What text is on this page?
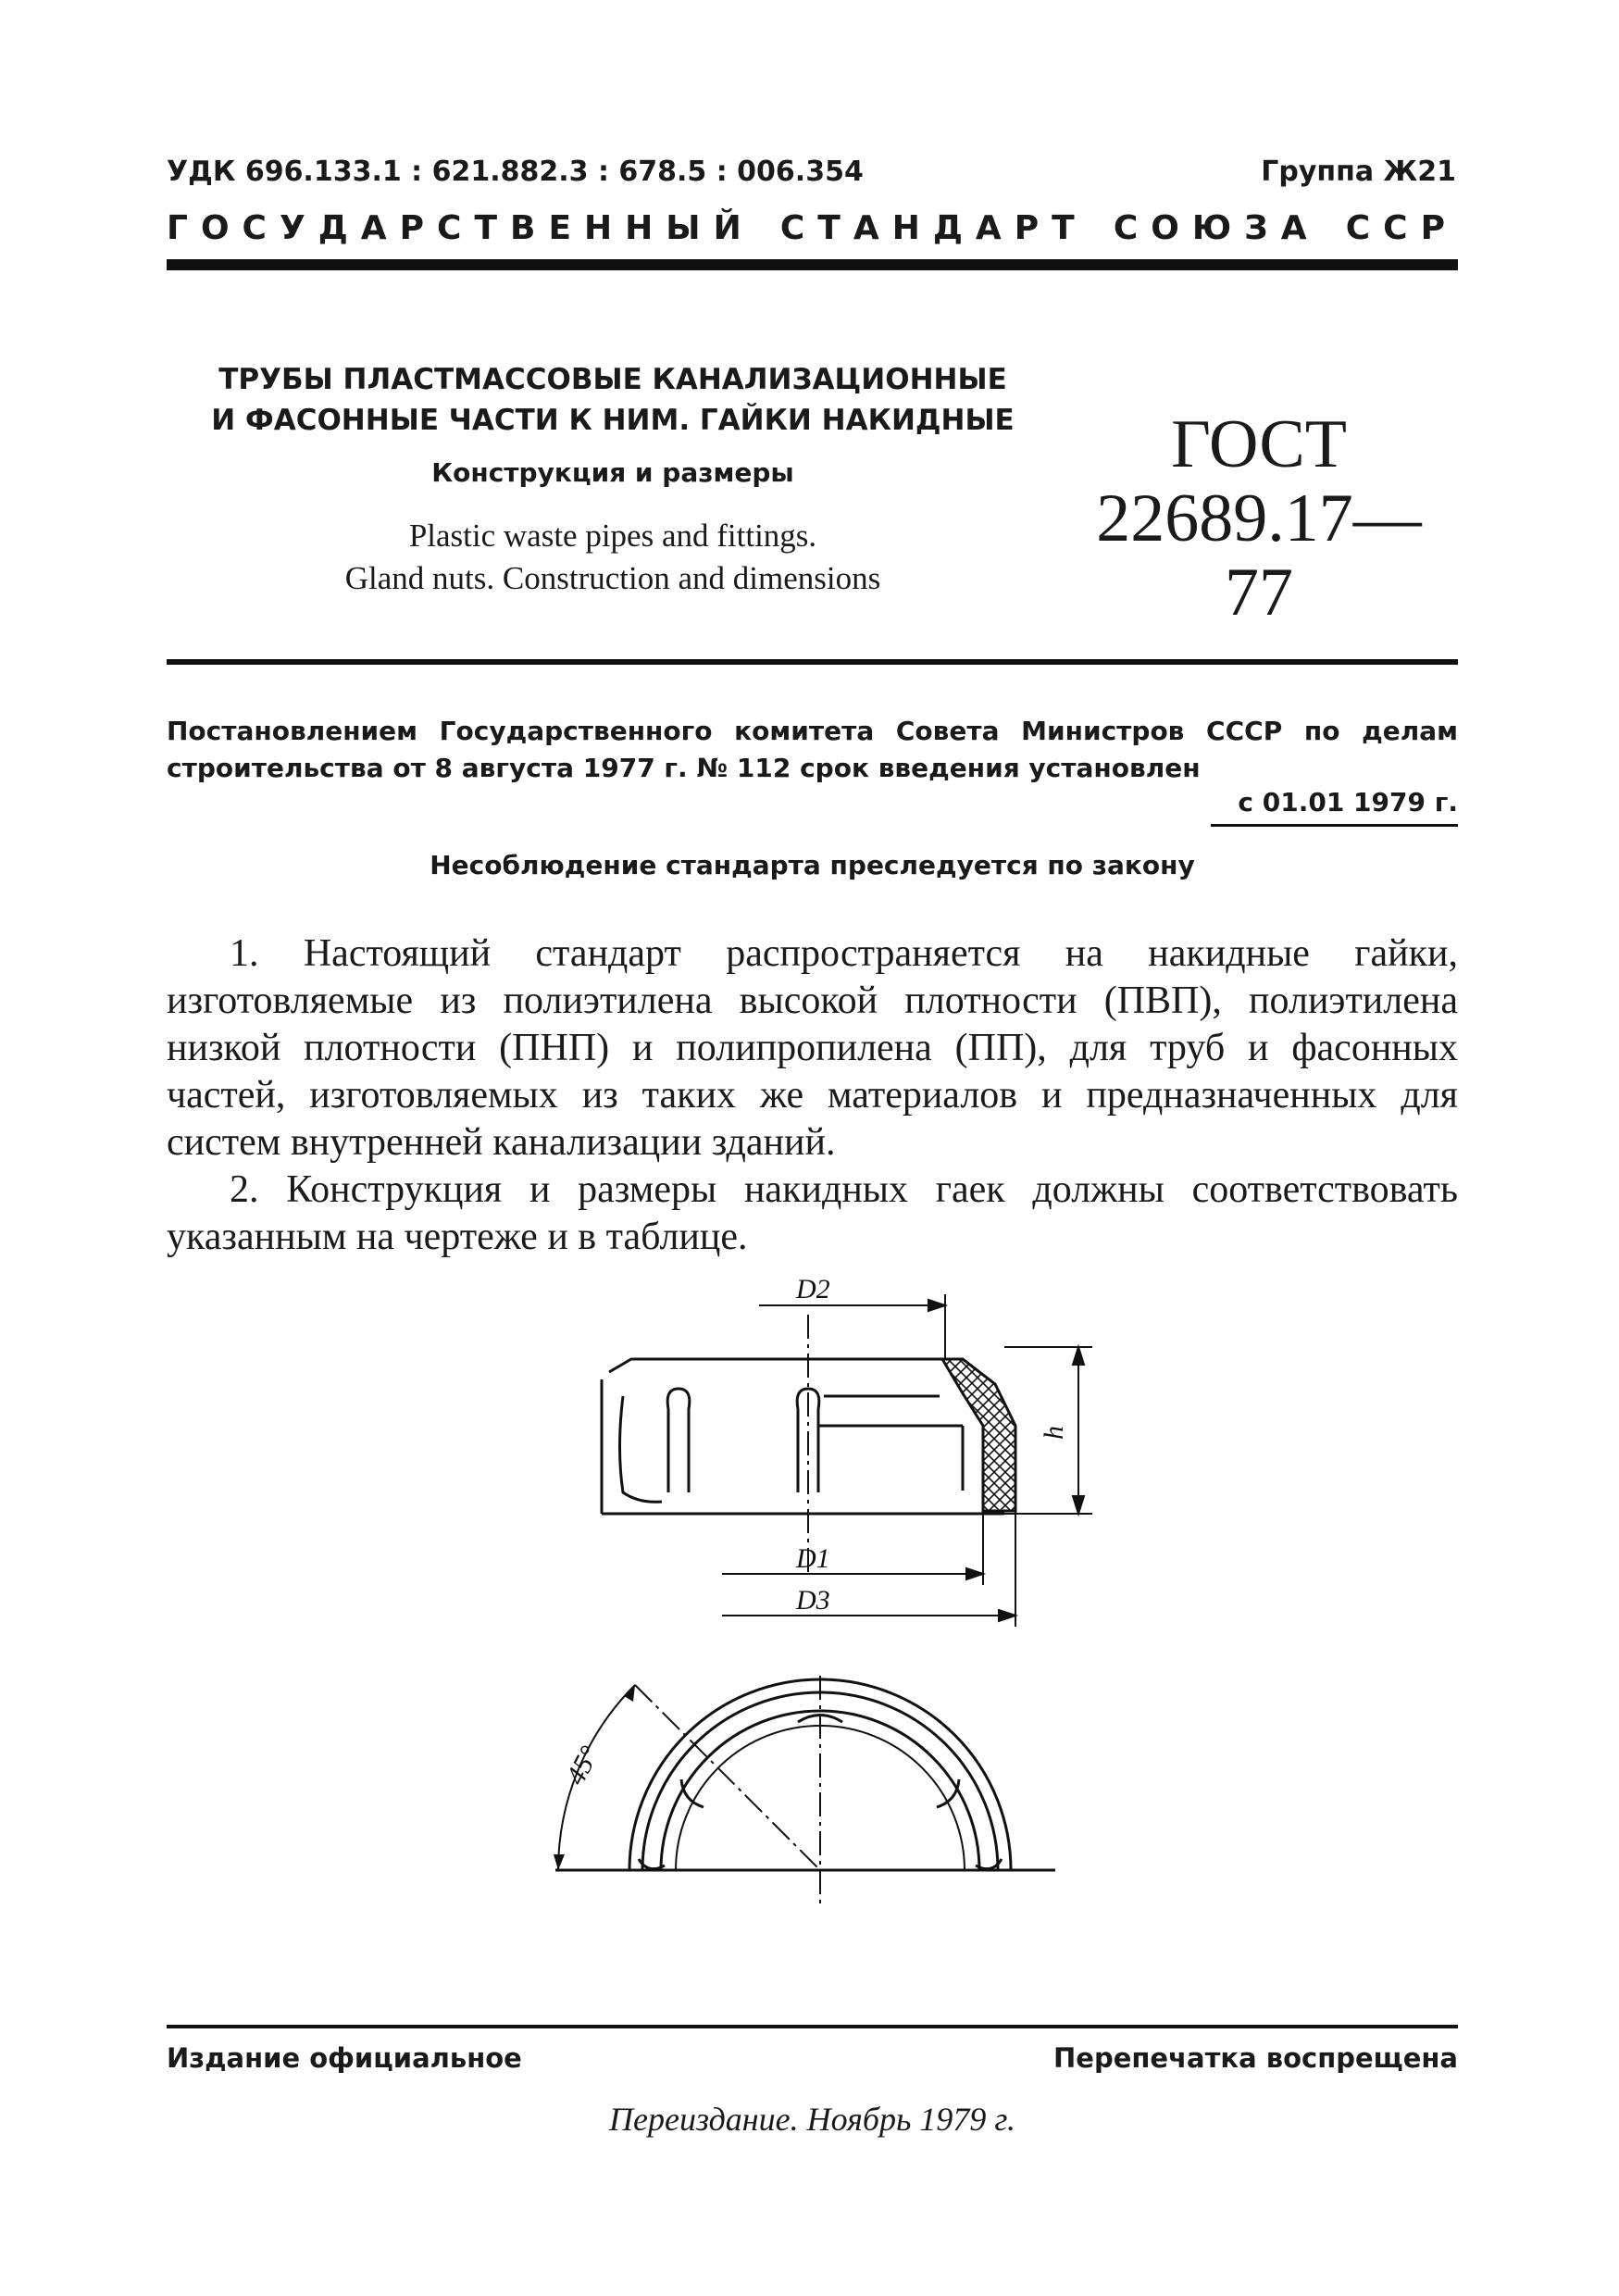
УДК 696.133.1 : 621.882.3 : 678.5 : 006.354	Группа Ж21
ГОСУДАРСТВЕННЫЙ СТАНДАРТ СОЮЗА ССР
ТРУБЫ ПЛАСТМАССОВЫЕ КАНАЛИЗАЦИОННЫЕ
И ФАСОННЫЕ ЧАСТИ К НИМ. ГАЙКИ НАКИДНЫЕ
Конструкция и размеры
Plastic waste pipes and fittings.
Gland nuts. Construction and dimensions
ГОСТ
22689.17—77
Постановлением Государственного комитета Совета Министров СССР по делам строительства от 8 августа 1977 г. № 112 срок введения установлен
с 01.01 1979 г.
Несоблюдение стандарта преследуется по закону

1. Настоящий стандарт распространяется на накидные гайки, изготовляемые из полиэтилена высокой плотности (ПВП), полиэтилена низкой плотности (ПНП) и полипропилена (ПП), для труб и фасонных частей, изготовляемых из таких же материалов и предназначенных для систем внутренней канализации зданий.

2. Конструкция и размеры накидных гаек должны соответствовать указанным на чертеже и в таблице.

D2
h
D1
D3
45°
Издание официальное	Перепечатка воспрещена
Переиздание. Ноябрь 1979 г.
